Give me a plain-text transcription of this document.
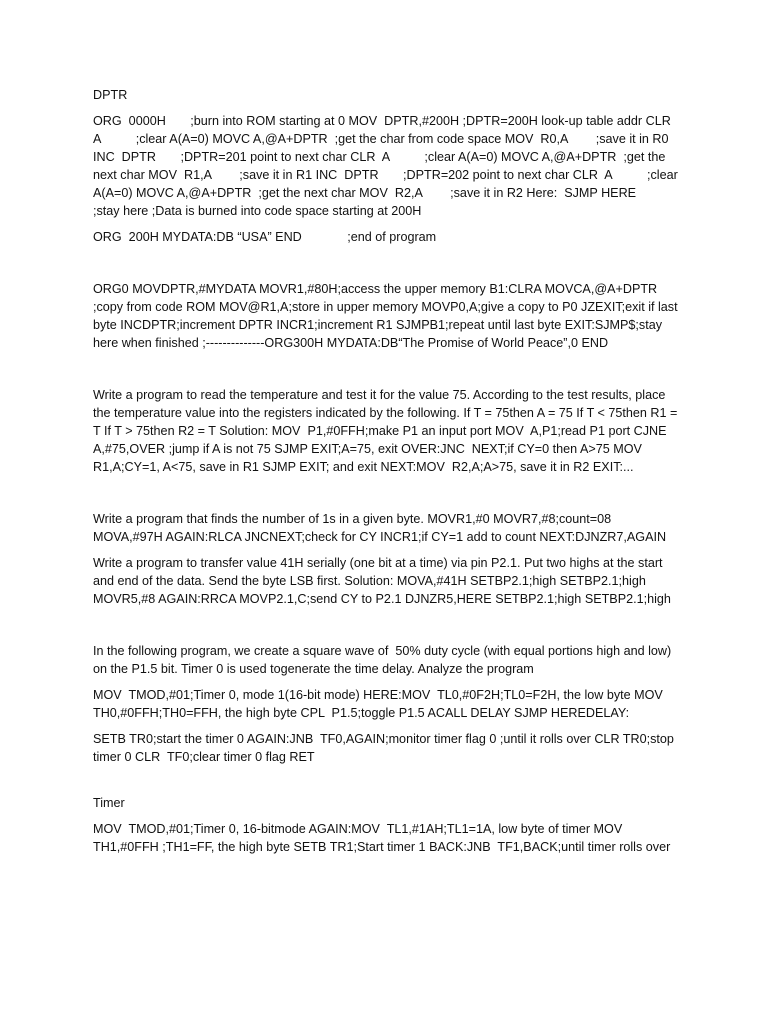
DPTR

ORG  0000H       ;burn into ROM starting at 0 MOV  DPTR,#200H ;DPTR=200H look-up table addr CLR A          ;clear A(A=0) MOVC A,@A+DPTR  ;get the char from code space MOV  R0,A        ;save it in R0 INC  DPTR       ;DPTR=201 point to next char CLR  A          ;clear A(A=0) MOVC A,@A+DPTR  ;get the next char MOV  R1,A        ;save it in R1 INC  DPTR       ;DPTR=202 point to next char CLR  A          ;clear A(A=0) MOVC A,@A+DPTR  ;get the next char MOV  R2,A        ;save it in R2 Here:  SJMP HERE       ;stay here ;Data is burned into code space starting at 200H

ORG  200H MYDATA:DB “USA” END             ;end of program

ORG0 MOVDPTR,#MYDATA MOVR1,#80H;access the upper memory B1:CLRA MOVCA,@A+DPTR ;copy from code ROM MOV@R1,A;store in upper memory MOVP0,A;give a copy to P0 JZEXIT;exit if last byte INCDPTR;increment DPTR INCR1;increment R1 SJMPB1;repeat until last byte EXIT:SJMP$;stay here when finished ;--------------ORG300H MYDATA:DB“The Promise of World Peace”,0 END

Write a program to read the temperature and test it for the value 75. According to the test results, place the temperature value into the registers indicated by the following. If T = 75then A = 75 If T < 75then R1 = T If T > 75then R2 = T Solution: MOV  P1,#0FFH;make P1 an input port MOV  A,P1;read P1 port CJNE A,#75,OVER ;jump if A is not 75 SJMP EXIT;A=75, exit OVER:JNC  NEXT;if CY=0 then A>75 MOV  R1,A;CY=1, A<75, save in R1 SJMP EXIT; and exit NEXT:MOV  R2,A;A>75, save it in R2 EXIT:...

Write a program that finds the number of 1s in a given byte. MOVR1,#0 MOVR7,#8;count=08 MOVA,#97H AGAIN:RLCA JNCNEXT;check for CY INCR1;if CY=1 add to count NEXT:DJNZR7,AGAIN

Write a program to transfer value 41H serially (one bit at a time) via pin P2.1. Put two highs at the start and end of the data. Send the byte LSB first. Solution: MOVA,#41H SETBP2.1;high SETBP2.1;high MOVR5,#8 AGAIN:RRCA MOVP2.1,C;send CY to P2.1 DJNZR5,HERE SETBP2.1;high SETBP2.1;high

In the following program, we create a square wave of  50% duty cycle (with equal portions high and low) on the P1.5 bit. Timer 0 is used togenerate the time delay. Analyze the program

MOV  TMOD,#01;Timer 0, mode 1(16-bit mode) HERE:MOV  TL0,#0F2H;TL0=F2H, the low byte MOV TH0,#0FFH;TH0=FFH, the high byte CPL  P1.5;toggle P1.5 ACALL DELAY SJMP HEREDELAY:

SETB TR0;start the timer 0 AGAIN:JNB  TF0,AGAIN;monitor timer flag 0 ;until it rolls over CLR TR0;stop timer 0 CLR  TF0;clear timer 0 flag RET

Timer

MOV  TMOD,#01;Timer 0, 16-bitmode AGAIN:MOV  TL1,#1AH;TL1=1A, low byte of timer MOV TH1,#0FFH ;TH1=FF, the high byte SETB TR1;Start timer 1 BACK:JNB  TF1,BACK;until timer rolls over
